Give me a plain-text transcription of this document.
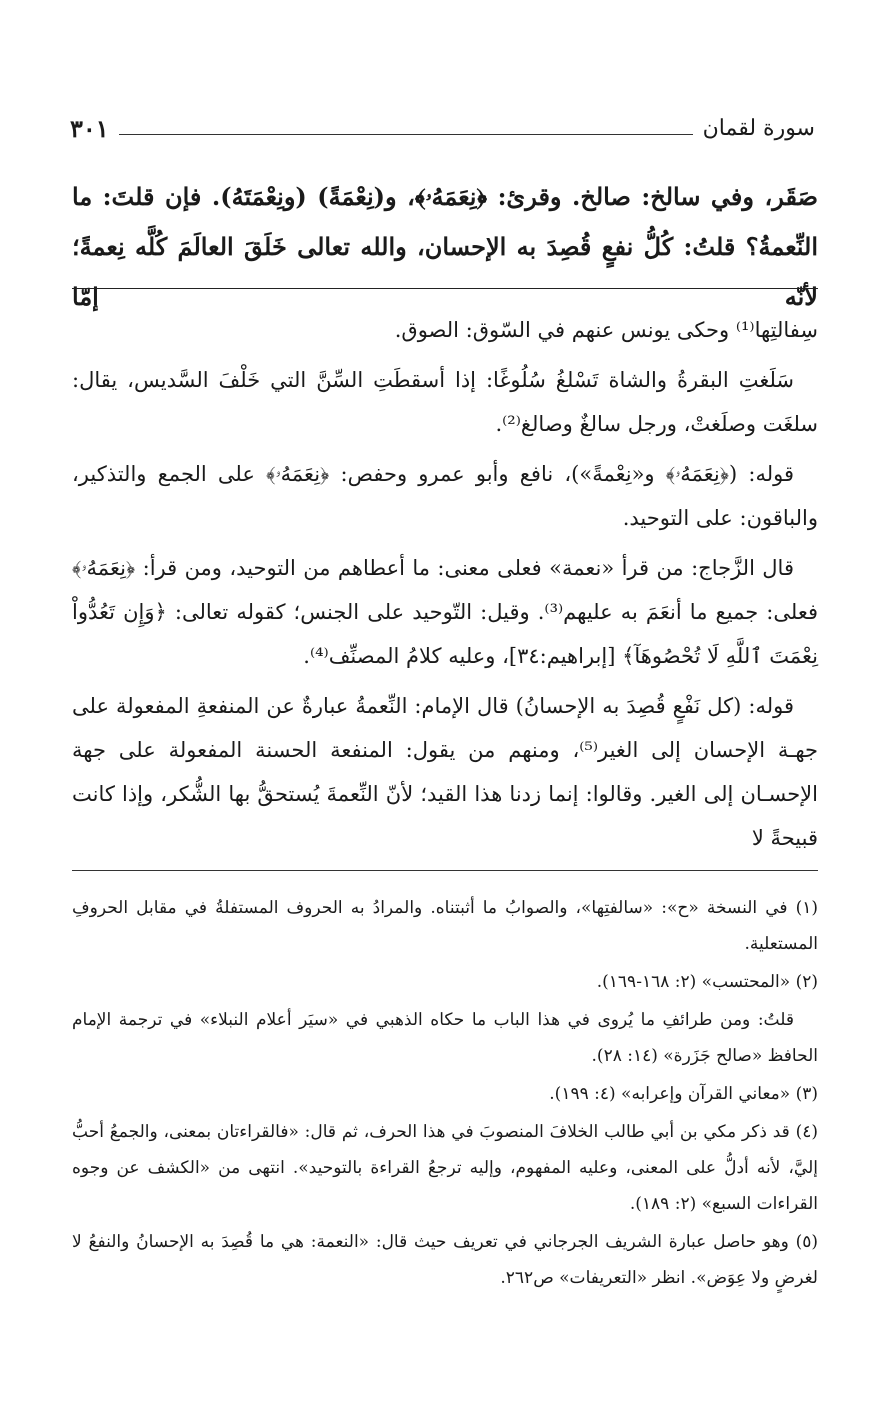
سورة لقمان
٣٠١

صَقَر، وفي سالخ: صالخ. وقرئ: ﴿نِعَمَهُۥ﴾، و(نِعْمَةً) (ونِعْمَتَهُ). فإن قلتَ: ما

النِّعمةُ؟ قلتُ: كُلُّ نفعٍ قُصِدَ به الإحسان، والله تعالى خَلَقَ العالَمَ كُلَّه نِعمةً؛ لأنّه إمّا

سِفالتِها⁽¹⁾ وحكى يونس عنهم في السّوق: الصوق.

سَلَغتِ البقرةُ والشاة تَسْلغُ سُلُوغًا: إذا أسقطَتِ السِّنَّ التي خَلْفَ السَّديس، يقال: سلغَت وصلَغتْ، ورجل سالغٌ وصالغ⁽²⁾.

قوله: (﴿نِعَمَهُۥ﴾ و«نِعْمةً»)، نافع وأبو عمرو وحفص: ﴿نِعَمَهُۥ﴾ على الجمع والتذكير، والباقون: على التوحيد.

قال الزَّجاج: من قرأ «نعمة» فعلى معنى: ما أعطاهم من التوحيد، ومن قرأ: ﴿نِعَمَهُۥ﴾ فعلى: جميع ما أنعَمَ به عليهم⁽³⁾. وقيل: التّوحيد على الجنس؛ كقوله تعالى: ﴿وَإِن تَعُدُّواْ نِعْمَتَ ٱللَّهِ لَا تُحْصُوهَآ﴾ [إبراهيم:٣٤]، وعليه كلامُ المصنِّف⁽⁴⁾.

قوله: (كل نَفْعٍ قُصِدَ به الإحسانُ) قال الإمام: النِّعمةُ عبارةٌ عن المنفعةِ المفعولة على جهـة الإحسان إلى الغير⁽⁵⁾، ومنهم من يقول: المنفعة الحسنة المفعولة على جهة الإحسـان إلى الغير. وقالوا: إنما زدنا هذا القيد؛ لأنّ النِّعمةَ يُستحقُّ بها الشُّكر، وإذا كانت قبيحةً لا

(١) في النسخة «ح»: «سالفتِها»، والصوابُ ما أثبتناه. والمرادُ به الحروف المستفلةُ في مقابل الحروفِ المستعلية.

(٢) «المحتسب» (٢: ١٦٨-١٦٩).

قلتُ: ومن طرائفِ ما يُروى في هذا الباب ما حكاه الذهبي في «سيَر أعلام النبلاء» في ترجمة الإمام الحافظ «صالح جَزَرة» (١٤: ٢٨).

(٣) «معاني القرآن وإعرابه» (٤: ١٩٩).

(٤) قد ذكر مكي بن أبي طالب الخلافَ المنصوبَ في هذا الحرف، ثم قال: «فالقراءتان بمعنى، والجمعُ أحبُّ إليَّ، لأنه أدلُّ على المعنى، وعليه المفهوم، وإليه ترجعُ القراءة بالتوحيد». انتهى من «الكشف عن وجوه القراءات السبع» (٢: ١٨٩).

(٥) وهو حاصل عبارة الشريف الجرجاني في تعريف حيث قال: «النعمة: هي ما قُصِدَ به الإحسانُ والنفعُ لا لغرضٍ ولا عِوَض». انظر «التعريفات» ص٢٦٢.
